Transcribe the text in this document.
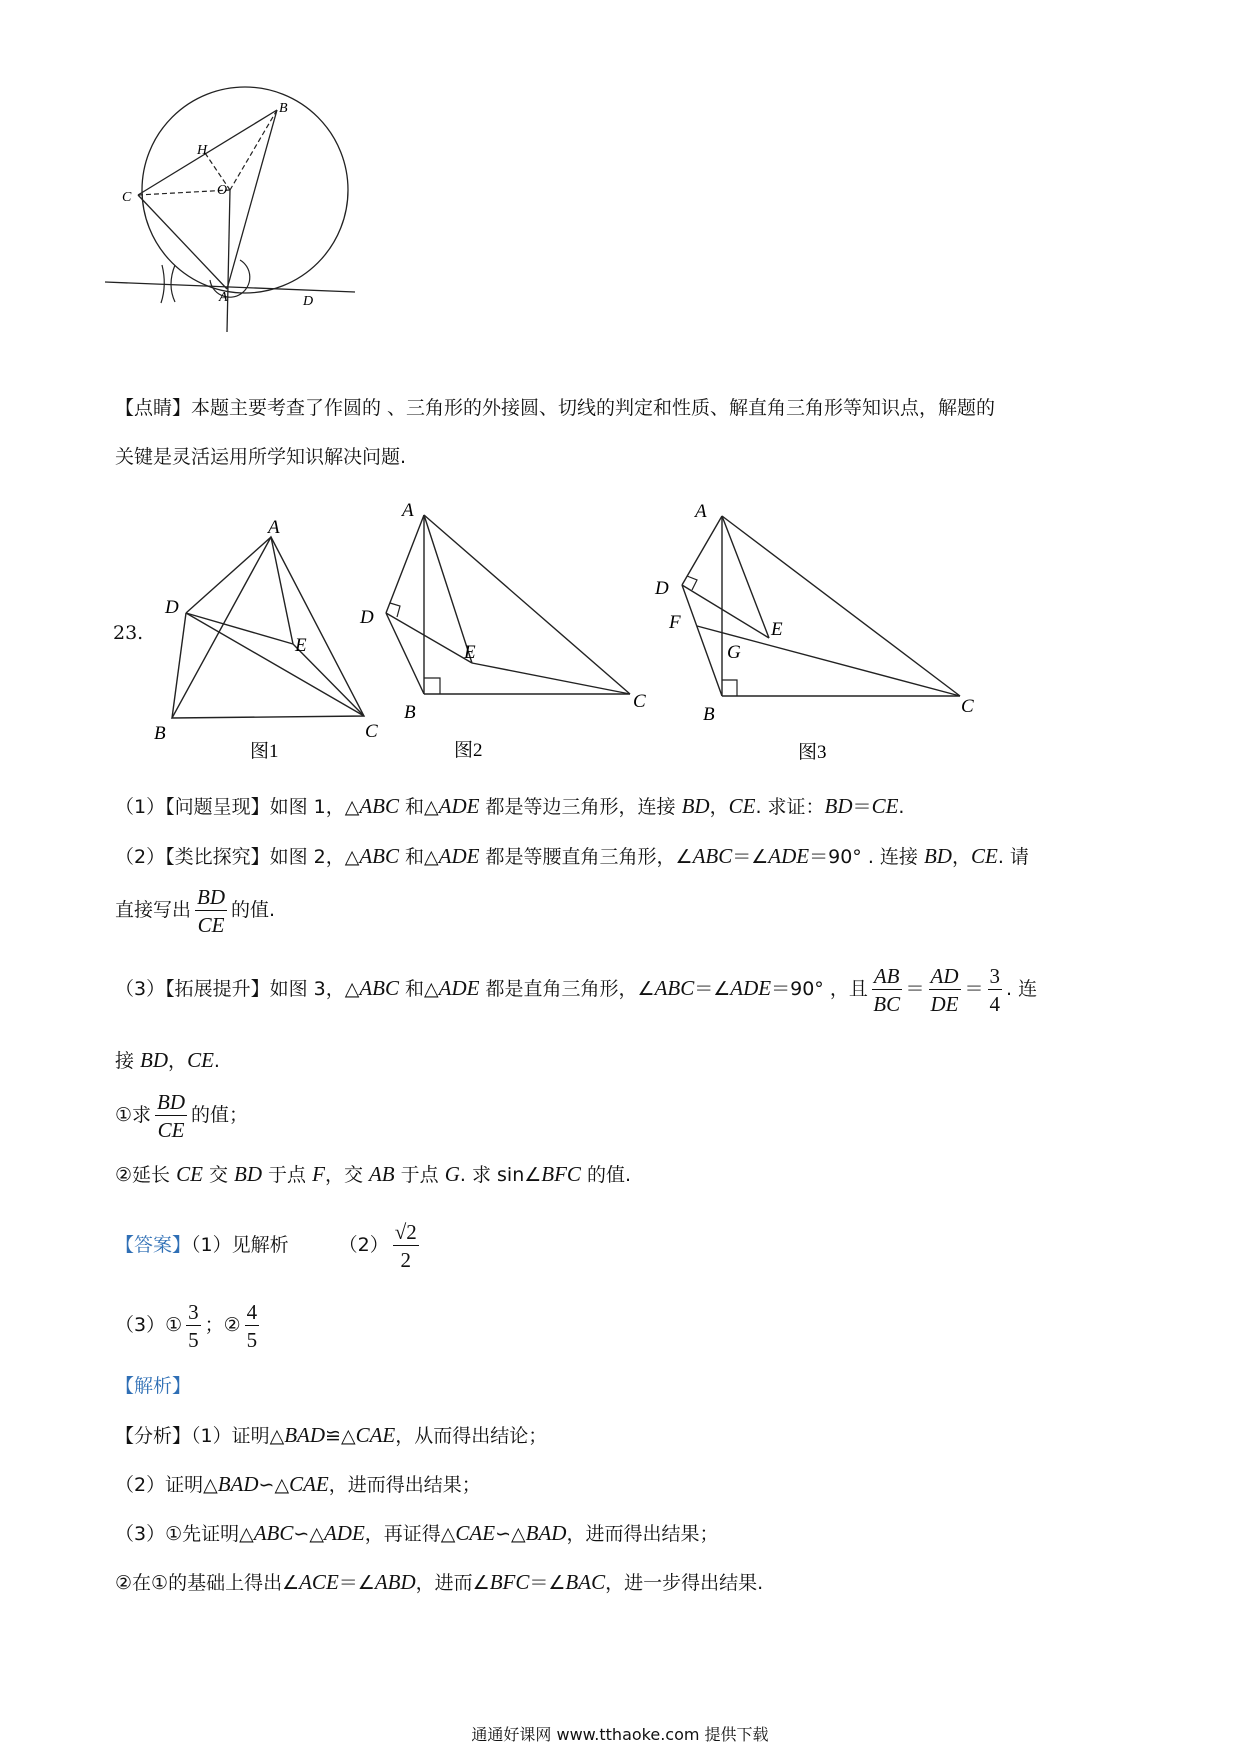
B
H
O
C
A	D
【点睛】本题主要考查了作圆的 、三角形的外接圆、切线的判定和性质、解直角三角形等知识点，解题的
关键是灵活运用所学知识解决问题.
23.
A
D
E
B	C
图1
A
D
E
B
C
图2
A
D
E
F
G
B	C
图3
（1）【问题呈现】如图 1，△ABC 和△ADE 都是等边三角形，连接 BD，CE. 求证：BD＝CE.
（2）【类比探究】如图 2，△ABC 和△ADE 都是等腰直角三角形，∠ABC＝∠ADE＝90° . 连接 BD，CE. 请
直接写出 $\frac{BD}{CE}$ 的值.
（3）【拓展提升】如图 3，△ABC 和△ADE 都是直角三角形，∠ABC＝∠ADE＝90° ，且 $\frac{AB}{BC} = \frac{AD}{DE} = \frac{3}{4}$ . 连
接 BD，CE.
①求 $\frac{BD}{CE}$ 的值；
②延长 CE 交 BD 于点 F，交 AB 于点 G. 求 sin∠BFC 的值.
【答案】（1）见解析	$(2) \frac{√2}{2}$
（3）① $\frac{3}{5}$ ；② $\frac{4}{5}$
【解析】
【分析】（1）证明△BAD≌△CAE，从而得出结论；
（2）证明△BAD∽△CAE，进而得出结果；
（3）①先证明△ABC∽△ADE，再证得△CAE∽△BAD，进而得出结果；
②在①的基础上得出∠ACE＝∠ABD，进而∠BFC＝∠BAC，进一步得出结果.
通通好课网 www.tthaoke.com 提供下载
